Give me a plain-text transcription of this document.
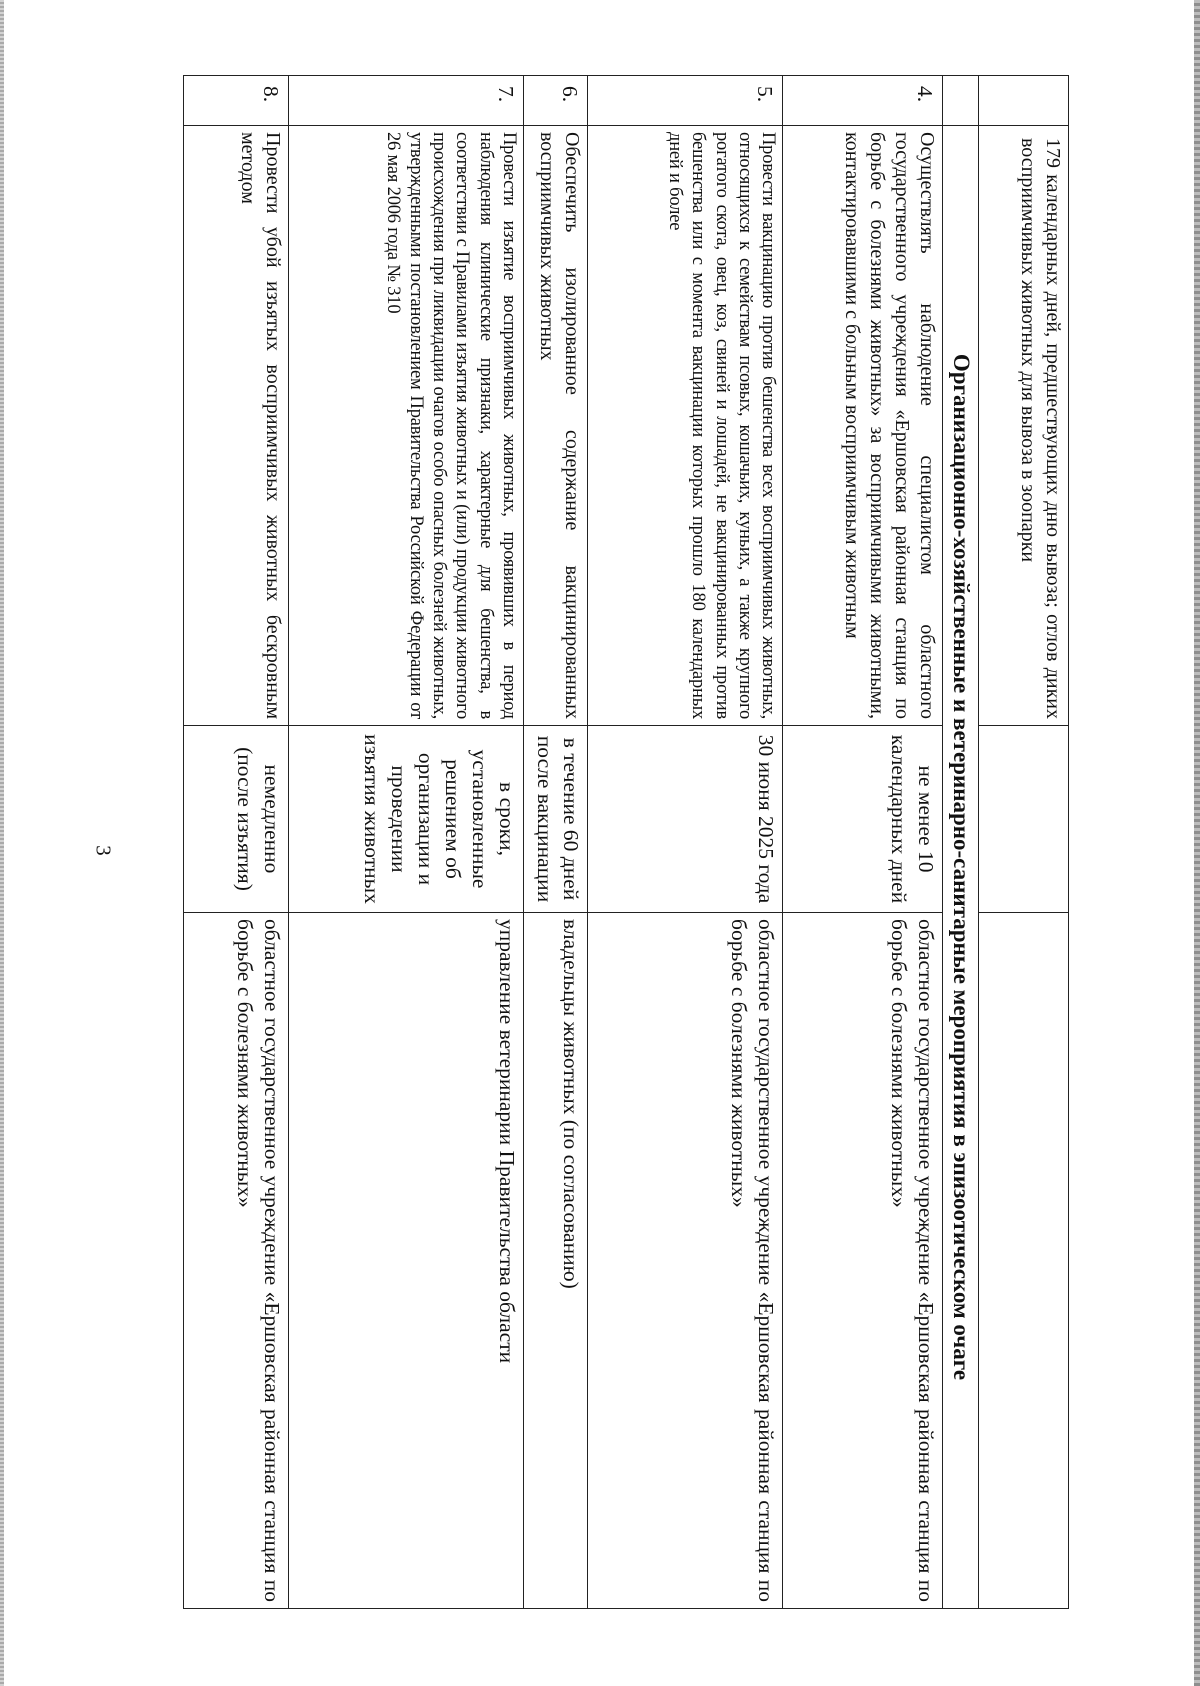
3
	179 календарных дней, предшествующих дню вывоза; отлов диких восприимчивых животных для вывоза в зоопарки		
	Организационно-хозяйственные и ветеринарно-санитарные мероприятия в эпизоотическом очаге		
4.	Осуществлять наблюдение специалистом областного государственного учреждения «Ершовская районная станция по борьбе с болезнями животных» за восприимчивыми животными, контактировавшими с больным восприимчивым животным	не менее 10 календарных дней	областное государственное учреждение «Ершовская районная станция по борьбе с болезнями животных»
5.	Провести вакцинацию против бешенства всех восприимчивых животных, относящихся к семействам псовых, кошачьих, куньих, а также крупного рогатого скота, овец, коз, свиней и лошадей, не вакцинированных против бешенства или с момента вакцинации которых прошло 180 календарных дней и более	30 июня 2025 года	областное государственное учреждение «Ершовская районная станция по борьбе с болезнями животных»
6.	Обеспечить изолированное содержание вакцинированных восприимчивых животных	в течение 60 дней после вакцинации	владельцы животных (по согласованию)
7.	Провести изъятие восприимчивых животных, проявивших в период наблюдения клинические признаки, характерные для бешенства, в соответствии с Правилами изъятия животных и (или) продукции животного происхождения при ликвидации очагов особо опасных болезней животных, утвержденными постановлением Правительства Российской Федерации от 26 мая 2006 года № 310	в сроки, установленные решением об организации и проведении изъятия животных	управление ветеринарии Правительства области
8.	Провести убой изъятых восприимчивых животных бескровным методом	немедленно (после изъятия)	областное государственное учреждение «Ершовская районная станция по борьбе с болезнями животных»
